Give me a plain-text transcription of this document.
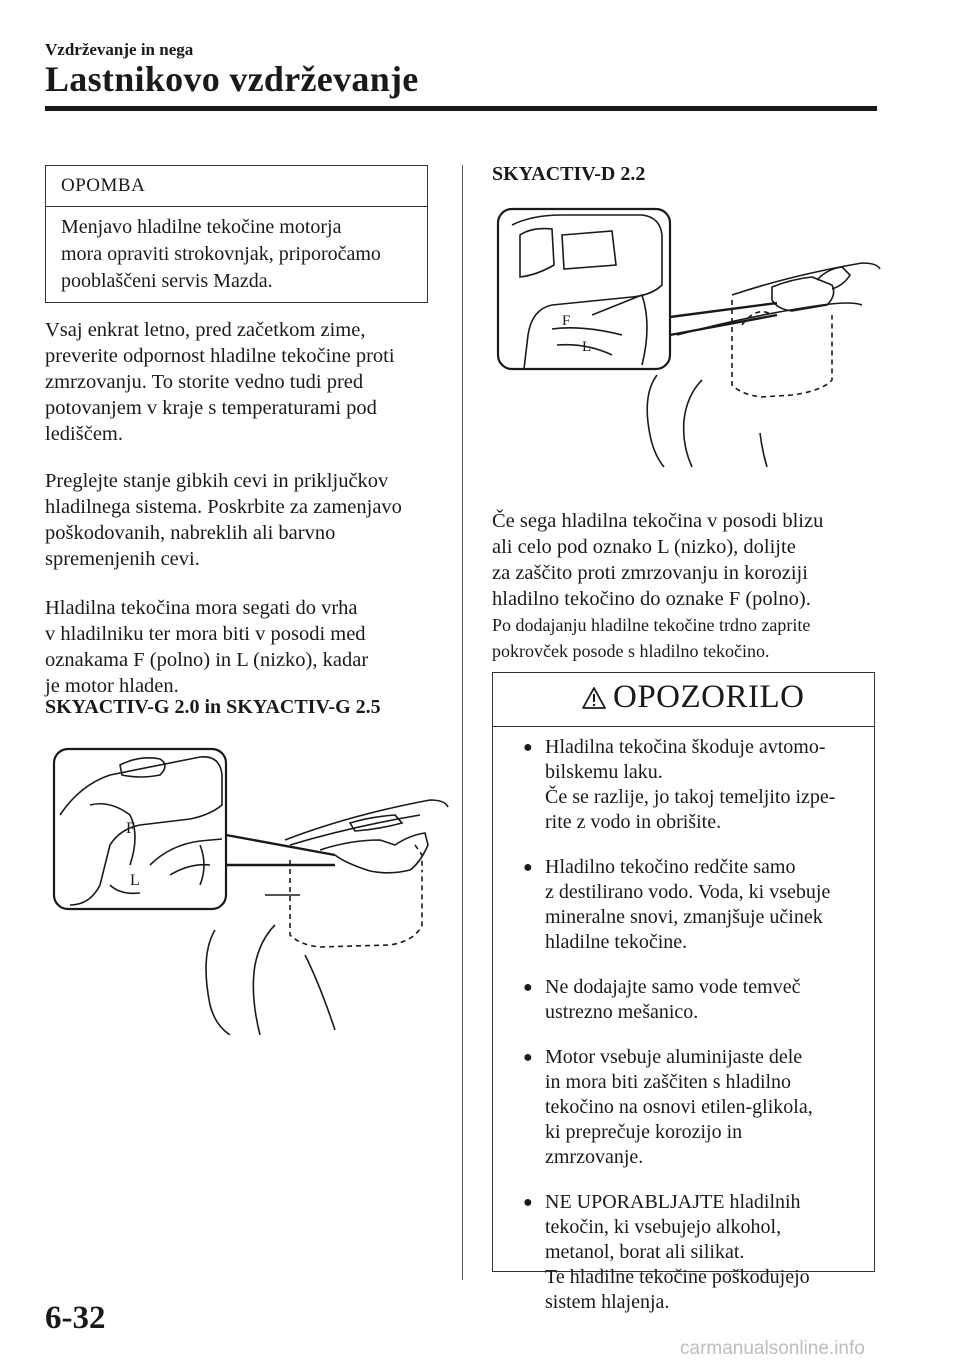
Vzdrževanje in nega
Lastnikovo vzdrževanje
OPOMBA
Menjavo hladilne tekočine motorja
mora opraviti strokovnjak, priporočamo
pooblaščeni servis Mazda.
Vsaj enkrat letno, pred začetkom zime,
preverite odpornost hladilne tekočine proti
zmrzovanju. To storite vedno tudi pred
potovanjem v kraje s temperaturami pod
lediščem.
Preglejte stanje gibkih cevi in priključkov
hladilnega sistema. Poskrbite za zamenjavo
poškodovanih, nabreklih ali barvno
spremenjenih cevi.
Hladilna tekočina mora segati do vrha
v hladilniku ter mora biti v posodi med
oznakama F (polno) in L (nizko), kadar
je motor hladen.
SKYACTIV-G 2.0 in SKYACTIV-G 2.5
F
L
SKYACTIV-D 2.2
F
L
Če sega hladilna tekočina v posodi blizu
ali celo pod oznako L (nizko), dolijte
za zaščito proti zmrzovanju in koroziji
hladilno tekočino do oznake F (polno).
Po dodajanju hladilne tekočine trdno zaprite
pokrovček posode s hladilno tekočino.
OPOZORILO
● Hladilna tekočina škoduje avtomo-
bilskemu laku.
Če se razlije, jo takoj temeljito izpe-
rite z vodo in obrišite.
● Hladilno tekočino redčite samo
z destilirano vodo. Voda, ki vsebuje
mineralne snovi, zmanjšuje učinek
hladilne tekočine.
● Ne dodajajte samo vode temveč
ustrezno mešanico.
● Motor vsebuje aluminijaste dele
in mora biti zaščiten s hladilno
tekočino na osnovi etilen-glikola,
ki preprečuje korozijo in
zmrzovanje.
● NE UPORABLJAJTE hladilnih
tekočin, ki vsebujejo alkohol,
metanol, borat ali silikat.
Te hladilne tekočine poškodujejo
sistem hlajenja.
6-32
carmanualsonline.info
